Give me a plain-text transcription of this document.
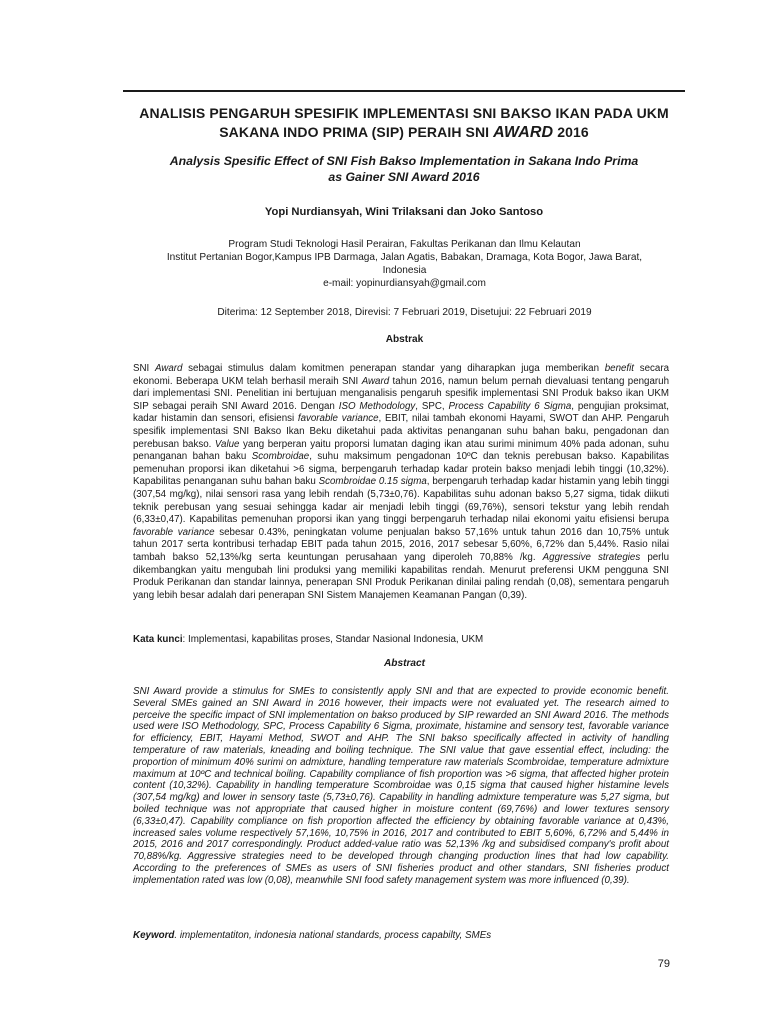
ANALISIS PENGARUH SPESIFIK IMPLEMENTASI SNI BAKSO IKAN PADA UKM
SAKANA INDO PRIMA (SIP) PERAIH SNI AWARD 2016
Analysis Spesific Effect of SNI Fish Bakso Implementation in Sakana Indo Prima
as Gainer SNI Award 2016
Yopi Nurdiansyah, Wini Trilaksani dan Joko Santoso
Program Studi Teknologi Hasil Perairan, Fakultas Perikanan dan Ilmu Kelautan
Institut Pertanian Bogor,Kampus IPB Darmaga, Jalan Agatis, Babakan, Dramaga, Kota Bogor, Jawa Barat,
Indonesia
e-mail: yopinurdiansyah@gmail.com
Diterima: 12 September 2018, Direvisi: 7 Februari 2019, Disetujui: 22 Februari 2019
Abstrak
SNI Award sebagai stimulus dalam komitmen penerapan standar yang diharapkan juga memberikan benefit secara ekonomi. Beberapa UKM telah berhasil meraih SNI Award tahun 2016, namun belum pernah dievaluasi tentang pengaruh dari implementasi SNI. Penelitian ini bertujuan menganalisis pengaruh spesifik implementasi SNI Produk bakso ikan UKM SIP sebagai peraih SNI Award 2016. Dengan ISO Methodology, SPC, Process Capability 6 Sigma, pengujian proksimat, kadar histamin dan sensori, efisiensi favorable variance, EBIT, nilai tambah ekonomi Hayami, SWOT dan AHP. Pengaruh spesifik implementasi SNI Bakso Ikan Beku diketahui pada aktivitas penanganan suhu bahan baku, pengadonan dan perebusan bakso. Value yang berperan yaitu proporsi lumatan daging ikan atau surimi minimum 40% pada adonan, suhu penanganan bahan baku Scombroidae, suhu maksimum pengadonan 10ºC dan teknis perebusan bakso. Kapabilitas pemenuhan proporsi ikan diketahui >6 sigma, berpengaruh terhadap kadar protein bakso menjadi lebih tinggi (10,32%). Kapabilitas penanganan suhu bahan baku Scombroidae 0.15 sigma, berpengaruh terhadap kadar histamin yang lebih tinggi (307,54 mg/kg), nilai sensori rasa yang lebih rendah (5,73±0,76). Kapabilitas suhu adonan bakso 5,27 sigma, tidak diikuti teknik perebusan yang sesuai sehingga kadar air menjadi lebih tinggi (69,76%), sensori tekstur yang lebih rendah (6,33±0,47). Kapabilitas pemenuhan proporsi ikan yang tinggi berpengaruh terhadap nilai ekonomi yaitu efisiensi berupa favorable variance sebesar 0.43%, peningkatan volume penjualan bakso 57,16% untuk tahun 2016 dan 10,75% untuk tahun 2017 serta kontribusi terhadap EBIT pada tahun 2015, 2016, 2017 sebesar 5,60%, 6,72% dan 5,44%. Rasio nilai tambah bakso 52,13%/kg serta keuntungan perusahaan yang diperoleh 70,88% /kg. Aggressive strategies perlu dikembangkan yaitu mengubah lini produksi yang memiliki kapabilitas rendah. Menurut preferensi UKM pengguna SNI Produk Perikanan dan standar lainnya, penerapan SNI Produk Perikanan dinilai paling rendah (0,08), sementara pengaruh yang lebih besar adalah dari penerapan SNI Sistem Manajemen Keamanan Pangan (0,39).
Kata kunci: Implementasi, kapabilitas proses, Standar Nasional Indonesia, UKM
Abstract
SNI Award provide a stimulus for SMEs to consistently apply SNI and that are expected to provide economic benefit. Several SMEs gained an SNI Award in 2016 however, their impacts were not evaluated yet. The research aimed to perceive the specific impact of SNI implementation on bakso produced by SIP rewarded an SNI Award 2016. The methods used were ISO Methodology, SPC, Process Capability 6 Sigma, proximate, histamine and sensory test, favorable variance for efficiency, EBIT, Hayami Method, SWOT and AHP. The SNI bakso specifically affected in activity of handling temperature of raw materials, kneading and boiling technique. The SNI value that gave essential effect, including: the proportion of minimum 40% surimi on admixture, handling temperature raw materials Scombroidae, temperature admixture maximum at 10ºC and technical boiling. Capability compliance of fish proportion was >6 sigma, that affected higher protein content (10,32%). Capability in handling temperature Scombroidae was 0,15 sigma that caused higher histamine levels (307,54 mg/kg) and lower in sensory taste (5,73±0,76). Capability in handling admixture temperature was 5,27 sigma, but boiled technique was not appropriate that caused higher in moisture content (69,76%) and lower textures sensory (6,33±0,47). Capability compliance on fish proportion affected the efficiency by obtaining favorable variance at 0,43%, increased sales volume respectively 57,16%, 10,75% in 2016, 2017 and contributed to EBIT 5,60%, 6,72% and 5,44% in 2015, 2016 and 2017 correspondingly. Product added-value ratio was 52,13% /kg and subsidised company's profit about 70,88%/kg. Aggressive strategies need to be developed through changing production lines that had low capability. According to the preferences of SMEs as users of SNI fisheries product and other standars, SNI fisheries product implementation rated was low (0,08), meanwhile SNI food safety management system was more influenced (0,39).
Keyword. implementatiton, indonesia national standards, process capabilty, SMEs
79
